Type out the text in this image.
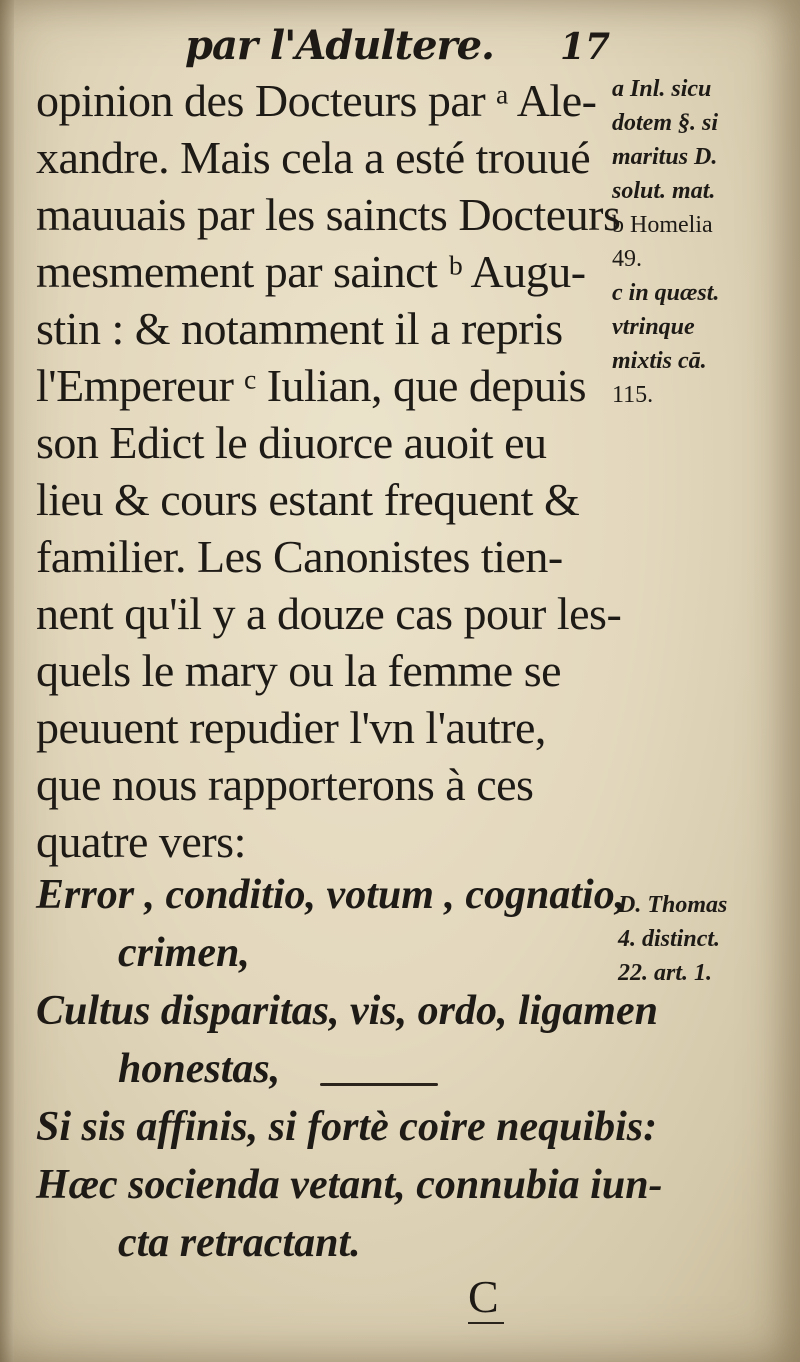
par l'Adultere. 17
opinion des Docteurs par ᵃ Ale-
xandre. Mais cela a esté trouué
mauuais par les saincts Docteurs
mesmement par sainct ᵇ Augu-
stin : & notamment il a repris
l'Empereur ᶜ Iulian, que depuis
son Edict le diuorce auoit eu
lieu & cours estant frequent &
familier. Les Canonistes tien-
nent qu'il y a douze cas pour les-
quels le mary ou la femme se
peuuent repudier l'vn l'autre,
que nous rapporterons à ces
quatre vers:
a Inl. sicu
dotem §. si
maritus D.
solut. mat.
b Homelia
49.
c in quæst.
vtrinque
mixtis cā.
115.
Error , conditio, votum , cognatio,
crimen,
Cultus disparitas, vis, ordo, ligamen
honestas,
Si sis affinis, si fortè coire nequibis:
Hæc socienda vetant, connubia iun-
cta retractant.
D. Thomas
4. distinct.
22. art. 1.
C
